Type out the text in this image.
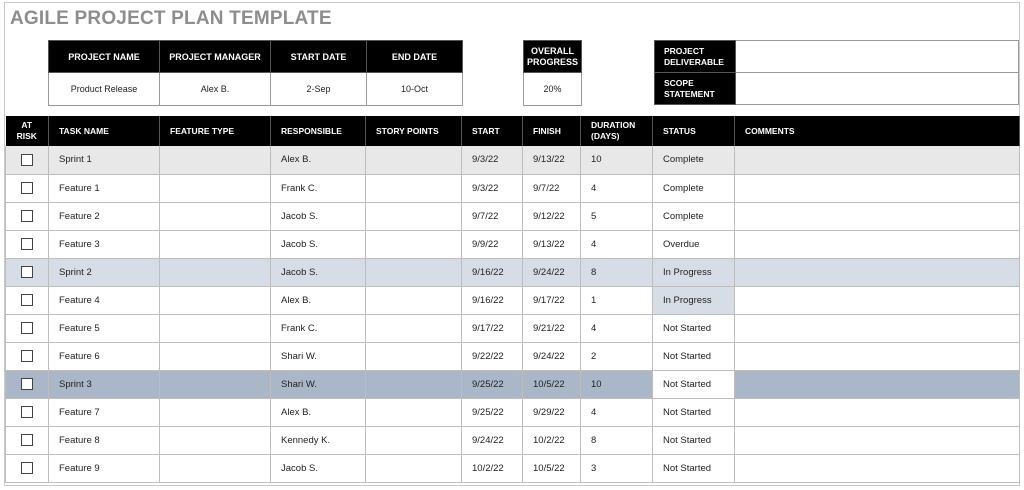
AGILE PROJECT PLAN TEMPLATE
PROJECT NAME	PROJECT MANAGER	START DATE	END DATE
Product Release	Alex B.	2-Sep	10-Oct
OVERALL PROGRESS
20%
PROJECT DELIVERABLE	
SCOPE STATEMENT	
AT RISK	TASK NAME	FEATURE TYPE	RESPONSIBLE	STORY POINTS	START	FINISH	DURATION (DAYS)	STATUS	COMMENTS
	Sprint 1		Alex B.		9/3/22	9/13/22	10	Complete	
	Feature 1		Frank C.		9/3/22	9/7/22	4	Complete	
	Feature 2		Jacob S.		9/7/22	9/12/22	5	Complete	
	Feature 3		Jacob S.		9/9/22	9/13/22	4	Overdue	
	Sprint 2		Jacob S.		9/16/22	9/24/22	8	In Progress	
	Feature 4		Alex B.		9/16/22	9/17/22	1	In Progress	
	Feature 5		Frank C.		9/17/22	9/21/22	4	Not Started	
	Feature 6		Shari W.		9/22/22	9/24/22	2	Not Started	
	Sprint 3		Shari W.		9/25/22	10/5/22	10	Not Started	
	Feature 7		Alex B.		9/25/22	9/29/22	4	Not Started	
	Feature 8		Kennedy K.		9/24/22	10/2/22	8	Not Started	
	Feature 9		Jacob S.		10/2/22	10/5/22	3	Not Started	
